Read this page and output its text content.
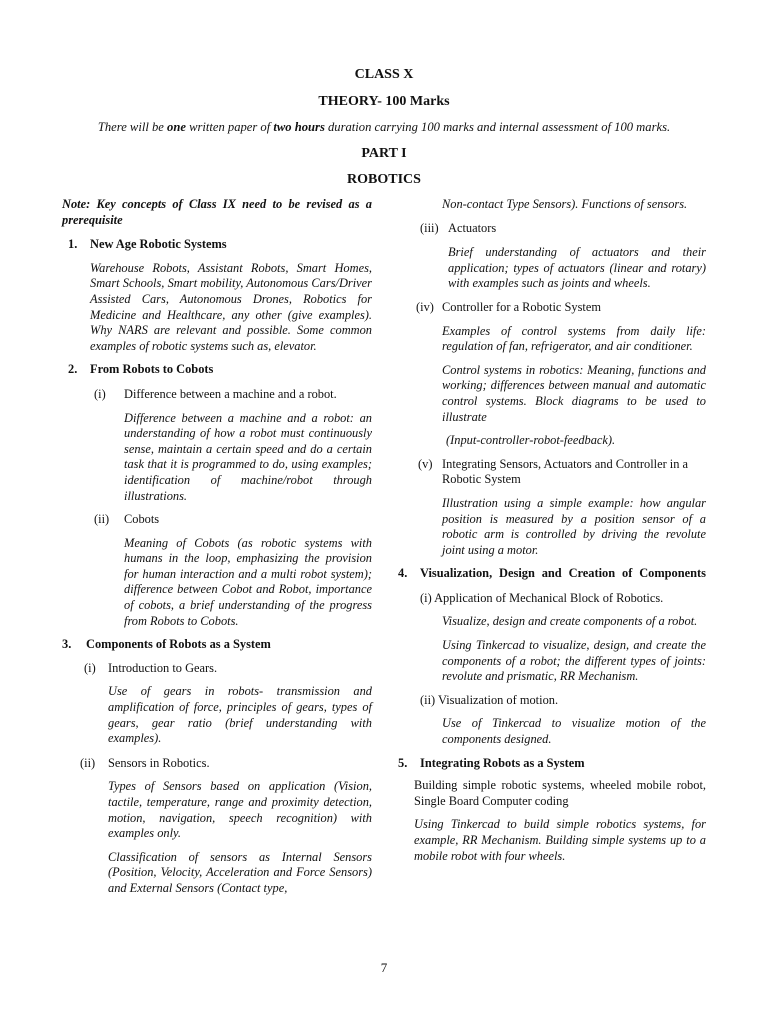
CLASS X
THEORY- 100 Marks
There will be one written paper of two hours duration carrying 100 marks and internal assessment of 100 marks.
PART I
ROBOTICS
Note: Key concepts of Class IX need to be revised as a prerequisite
1.	New Age Robotic Systems
Warehouse Robots, Assistant Robots, Smart Homes, Smart Schools, Smart mobility, Autonomous Cars/Driver Assisted Cars, Autonomous Drones, Robotics for Medicine and Healthcare, any other (give examples). Why NARS are relevant and possible. Some common examples of robotic systems such as, elevator.
2.	From Robots to Cobots
(i)	Difference between a machine and a robot.
Difference between a machine and a robot: an understanding of how a robot must continuously sense, maintain a certain speed and do a certain task that it is programmed to do, using examples; identification of machine/robot through illustrations.
(ii)	Cobots
Meaning of Cobots (as robotic systems with humans in the loop, emphasizing the provision for human interaction and a multi robot system); difference between Cobot and Robot, importance of cobots, a brief understanding of the progress from Robots to Cobots.
3.	Components of Robots as a System
(i) Introduction to Gears.
Use of gears in robots- transmission and amplification of force, principles of gears, types of gears, gear ratio (brief understanding with examples).
(ii)	Sensors in Robotics.
Types of Sensors based on application (Vision, tactile, temperature, range and proximity detection, motion, navigation, speech recognition) with examples only.
Classification of sensors as Internal Sensors (Position, Velocity, Acceleration and Force Sensors) and External Sensors (Contact type,
Non-contact Type Sensors). Functions of sensors.
(iii) Actuators
Brief understanding of actuators and their application; types of actuators (linear and rotary) with examples such as joints and wheels.
(iv) Controller for a Robotic System
Examples of control systems from daily life: regulation of fan, refrigerator, and air conditioner.
Control systems in robotics: Meaning, functions and working; differences between manual and automatic control systems. Block diagrams to be used to illustrate
(Input-controller-robot-feedback).
(v) Integrating Sensors, Actuators and Controller in a Robotic System
Illustration using a simple example: how angular position is measured by a position sensor of a robotic arm is controlled by driving the revolute joint using a motor.
4.	Visualization, Design and Creation of Components
(i) Application of Mechanical Block of Robotics.
Visualize, design and create components of a robot.
Using Tinkercad to visualize, design, and create the components of a robot; the different types of joints: revolute and prismatic, RR Mechanism.
(ii) Visualization of motion.
Use of Tinkercad to visualize motion of the components designed.
5.	Integrating Robots as a System
Building simple robotic systems, wheeled mobile robot, Single Board Computer coding
Using Tinkercad to build simple robotics systems, for example, RR Mechanism. Building simple systems up to a mobile robot with four wheels.
7
